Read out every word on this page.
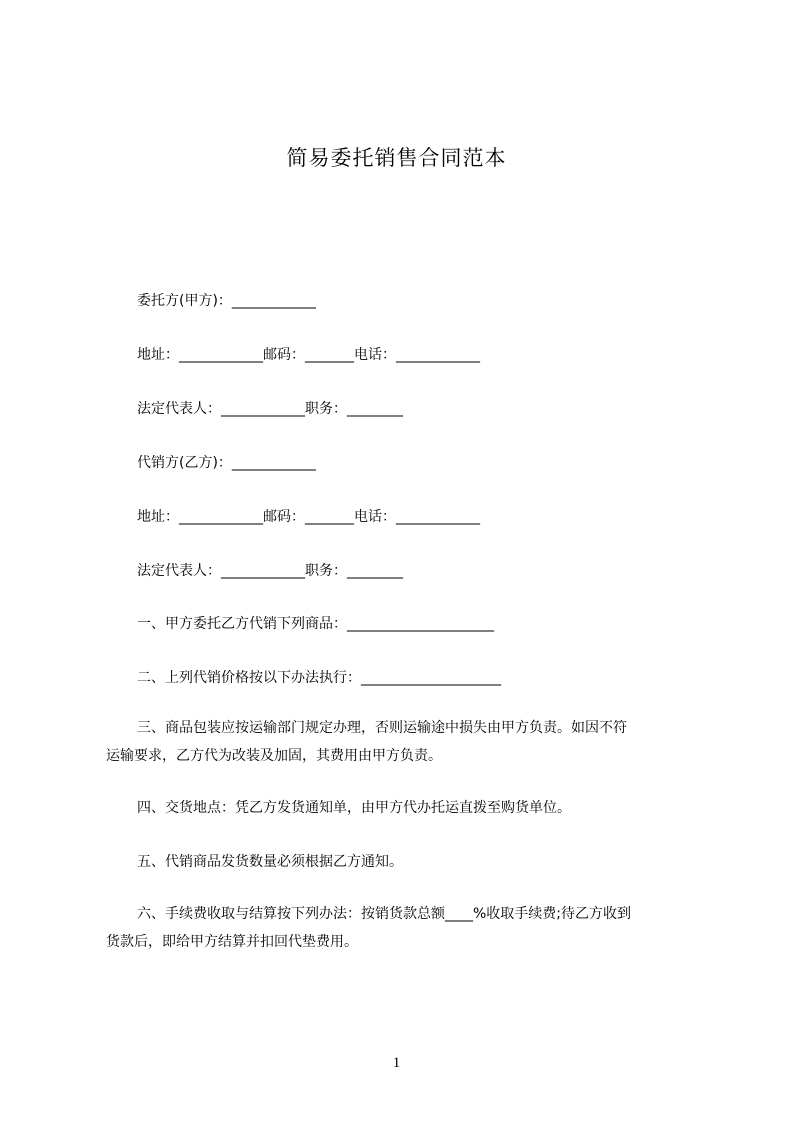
简易委托销售合同范本
委托方(甲方)：____________
地址：____________邮码：_______电话：____________
法定代表人：____________职务：________
代销方(乙方)：____________
地址：____________邮码：_______电话：____________
法定代表人：____________职务：________
一、甲方委托乙方代销下列商品：_____________________
二、上列代销价格按以下办法执行：____________________
三、商品包装应按运输部门规定办理，否则运输途中损失由甲方负责。如因不符
运输要求，乙方代为改装及加固，其费用由甲方负责。
四、交货地点：凭乙方发货通知单，由甲方代办托运直拨至购货单位。
五、代销商品发货数量必须根据乙方通知。
六、手续费收取与结算按下列办法：按销货款总额____%收取手续费;待乙方收到
货款后，即给甲方结算并扣回代垫费用。
1
